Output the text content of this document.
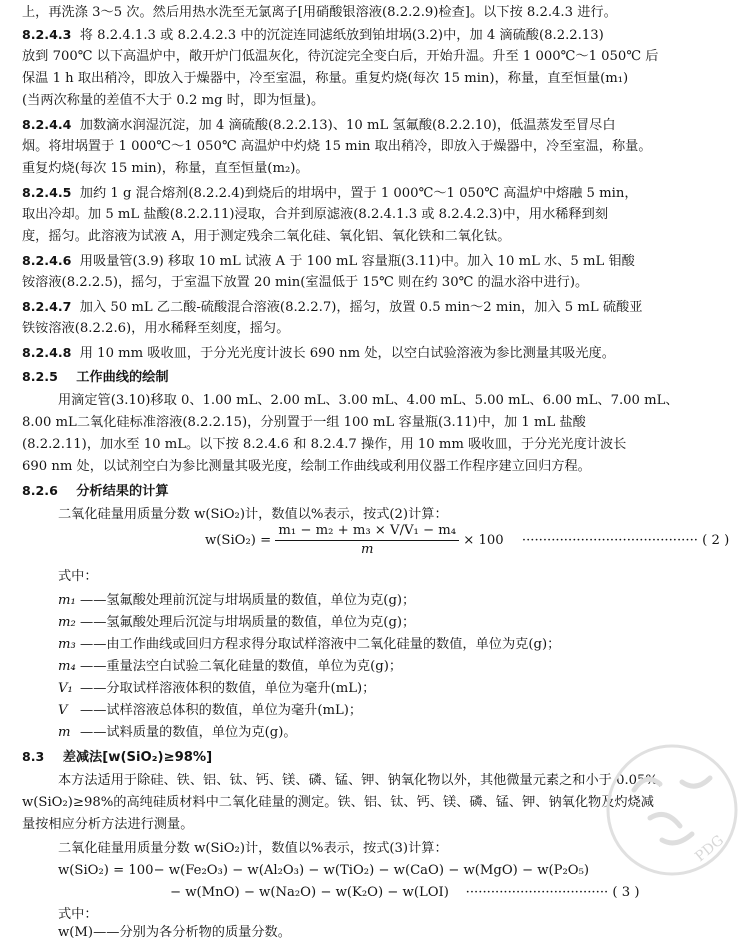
上，再洗涤 3～5 次。然后用热水洗至无氯离子[用硝酸银溶液(8.2.2.9)检查]。以下按 8.2.4.3 进行。
8.2.4.3 将 8.2.4.1.3 或 8.2.4.2.3 中的沉淀连同滤纸放到铂坩埚(3.2)中，加 4 滴硫酸(8.2.2.13)
放到 700℃ 以下高温炉中，敞开炉门低温灰化，待沉淀完全变白后，开始升温。升至 1 000℃～1 050℃ 后
保温 1 h 取出稍冷，即放入于燥器中，冷至室温，称量。重复灼烧(每次 15 min)，称量，直至恒量(m₁)
(当两次称量的差值不大于 0.2 mg 时，即为恒量)。
8.2.4.4 加数滴水润湿沉淀，加 4 滴硫酸(8.2.2.13)、10 mL 氢氟酸(8.2.2.10)，低温蒸发至冒尽白
烟。将坩埚置于 1 000℃～1 050℃ 高温炉中灼烧 15 min 取出稍冷，即放入于燥器中，冷至室温，称量。
重复灼烧(每次 15 min)，称量，直至恒量(m₂)。
8.2.4.5 加约 1 g 混合熔剂(8.2.2.4)到烧后的坩埚中，置于 1 000℃～1 050℃ 高温炉中熔融 5 min，
取出冷却。加 5 mL 盐酸(8.2.2.11)浸取，合并到原滤液(8.2.4.1.3 或 8.2.4.2.3)中，用水稀释到刻
度，摇匀。此溶液为试液 A，用于测定残余二氧化硅、氧化铝、氧化铁和二氧化钛。
8.2.4.6 用吸量管(3.9) 移取 10 mL 试液 A 于 100 mL 容量瓶(3.11)中。加入 10 mL 水、5 mL 钼酸
铵溶液(8.2.2.5)，摇匀，于室温下放置 20 min(室温低于 15℃ 则在约 30℃ 的温水浴中进行)。
8.2.4.7 加入 50 mL 乙二酸-硫酸混合溶液(8.2.2.7)，摇匀，放置 0.5 min～2 min，加入 5 mL 硫酸亚
铁铵溶液(8.2.2.6)，用水稀释至刻度，摇匀。
8.2.4.8 用 10 mm 吸收皿，于分光光度计波长 690 nm 处，以空白试验溶液为参比测量其吸光度。
8.2.5 工作曲线的绘制
用滴定管(3.10)移取 0、1.00 mL、2.00 mL、3.00 mL、4.00 mL、5.00 mL、6.00 mL、7.00 mL、
8.00 mL二氧化硅标准溶液(8.2.2.15)，分别置于一组 100 mL 容量瓶(3.11)中，加 1 mL 盐酸
(8.2.2.11)，加水至 10 mL。以下按 8.2.4.6 和 8.2.4.7 操作，用 10 mm 吸收皿，于分光光度计波长
690 nm 处，以试剂空白为参比测量其吸光度，绘制工作曲线或利用仪器工作程序建立回归方程。
8.2.6 分析结果的计算
二氧化硅量用质量分数 w(SiO₂)计，数值以%表示，按式(2)计算：
$w(SiO_2) = \frac{\text{m₁ − m₂ + m₃ × V/V₁ − m₄}}{m} \times 100$ ·········································· ( 2 )
式中：
m₁ ——氢氟酸处理前沉淀与坩埚质量的数值，单位为克(g)；
m₂ ——氢氟酸处理后沉淀与坩埚质量的数值，单位为克(g)；
m₃ ——由工作曲线或回归方程求得分取试样溶液中二氧化硅量的数值，单位为克(g)；
m₄ ——重量法空白试验二氧化硅量的数值，单位为克(g)；
V₁ ——分取试样溶液体积的数值，单位为毫升(mL)；
V ——试样溶液总体积的数值，单位为毫升(mL)；
m ——试料质量的数值，单位为克(g)。
8.3 差减法[w(SiO₂)≥98%]
本方法适用于除硅、铁、铝、钛、钙、镁、磷、锰、钾、钠氧化物以外，其他微量元素之和小于 0.05%，
w(SiO₂)≥98%的高纯硅质材料中二氧化硅量的测定。铁、铝、钛、钙、镁、磷、锰、钾、钠氧化物及灼烧减
量按相应分析方法进行测量。
二氧化硅量用质量分数 w(SiO₂)计，数值以%表示，按式(3)计算：
w(SiO₂) = 100− w(Fe₂O₃) − w(Al₂O₃) − w(TiO₂) − w(CaO) − w(MgO) − w(P₂O₅)
− w(MnO) − w(Na₂O) − w(K₂O) − w(LOI) ·································· ( 3 )
式中：
w(M)——分别为各分析物的质量分数。
PDG
